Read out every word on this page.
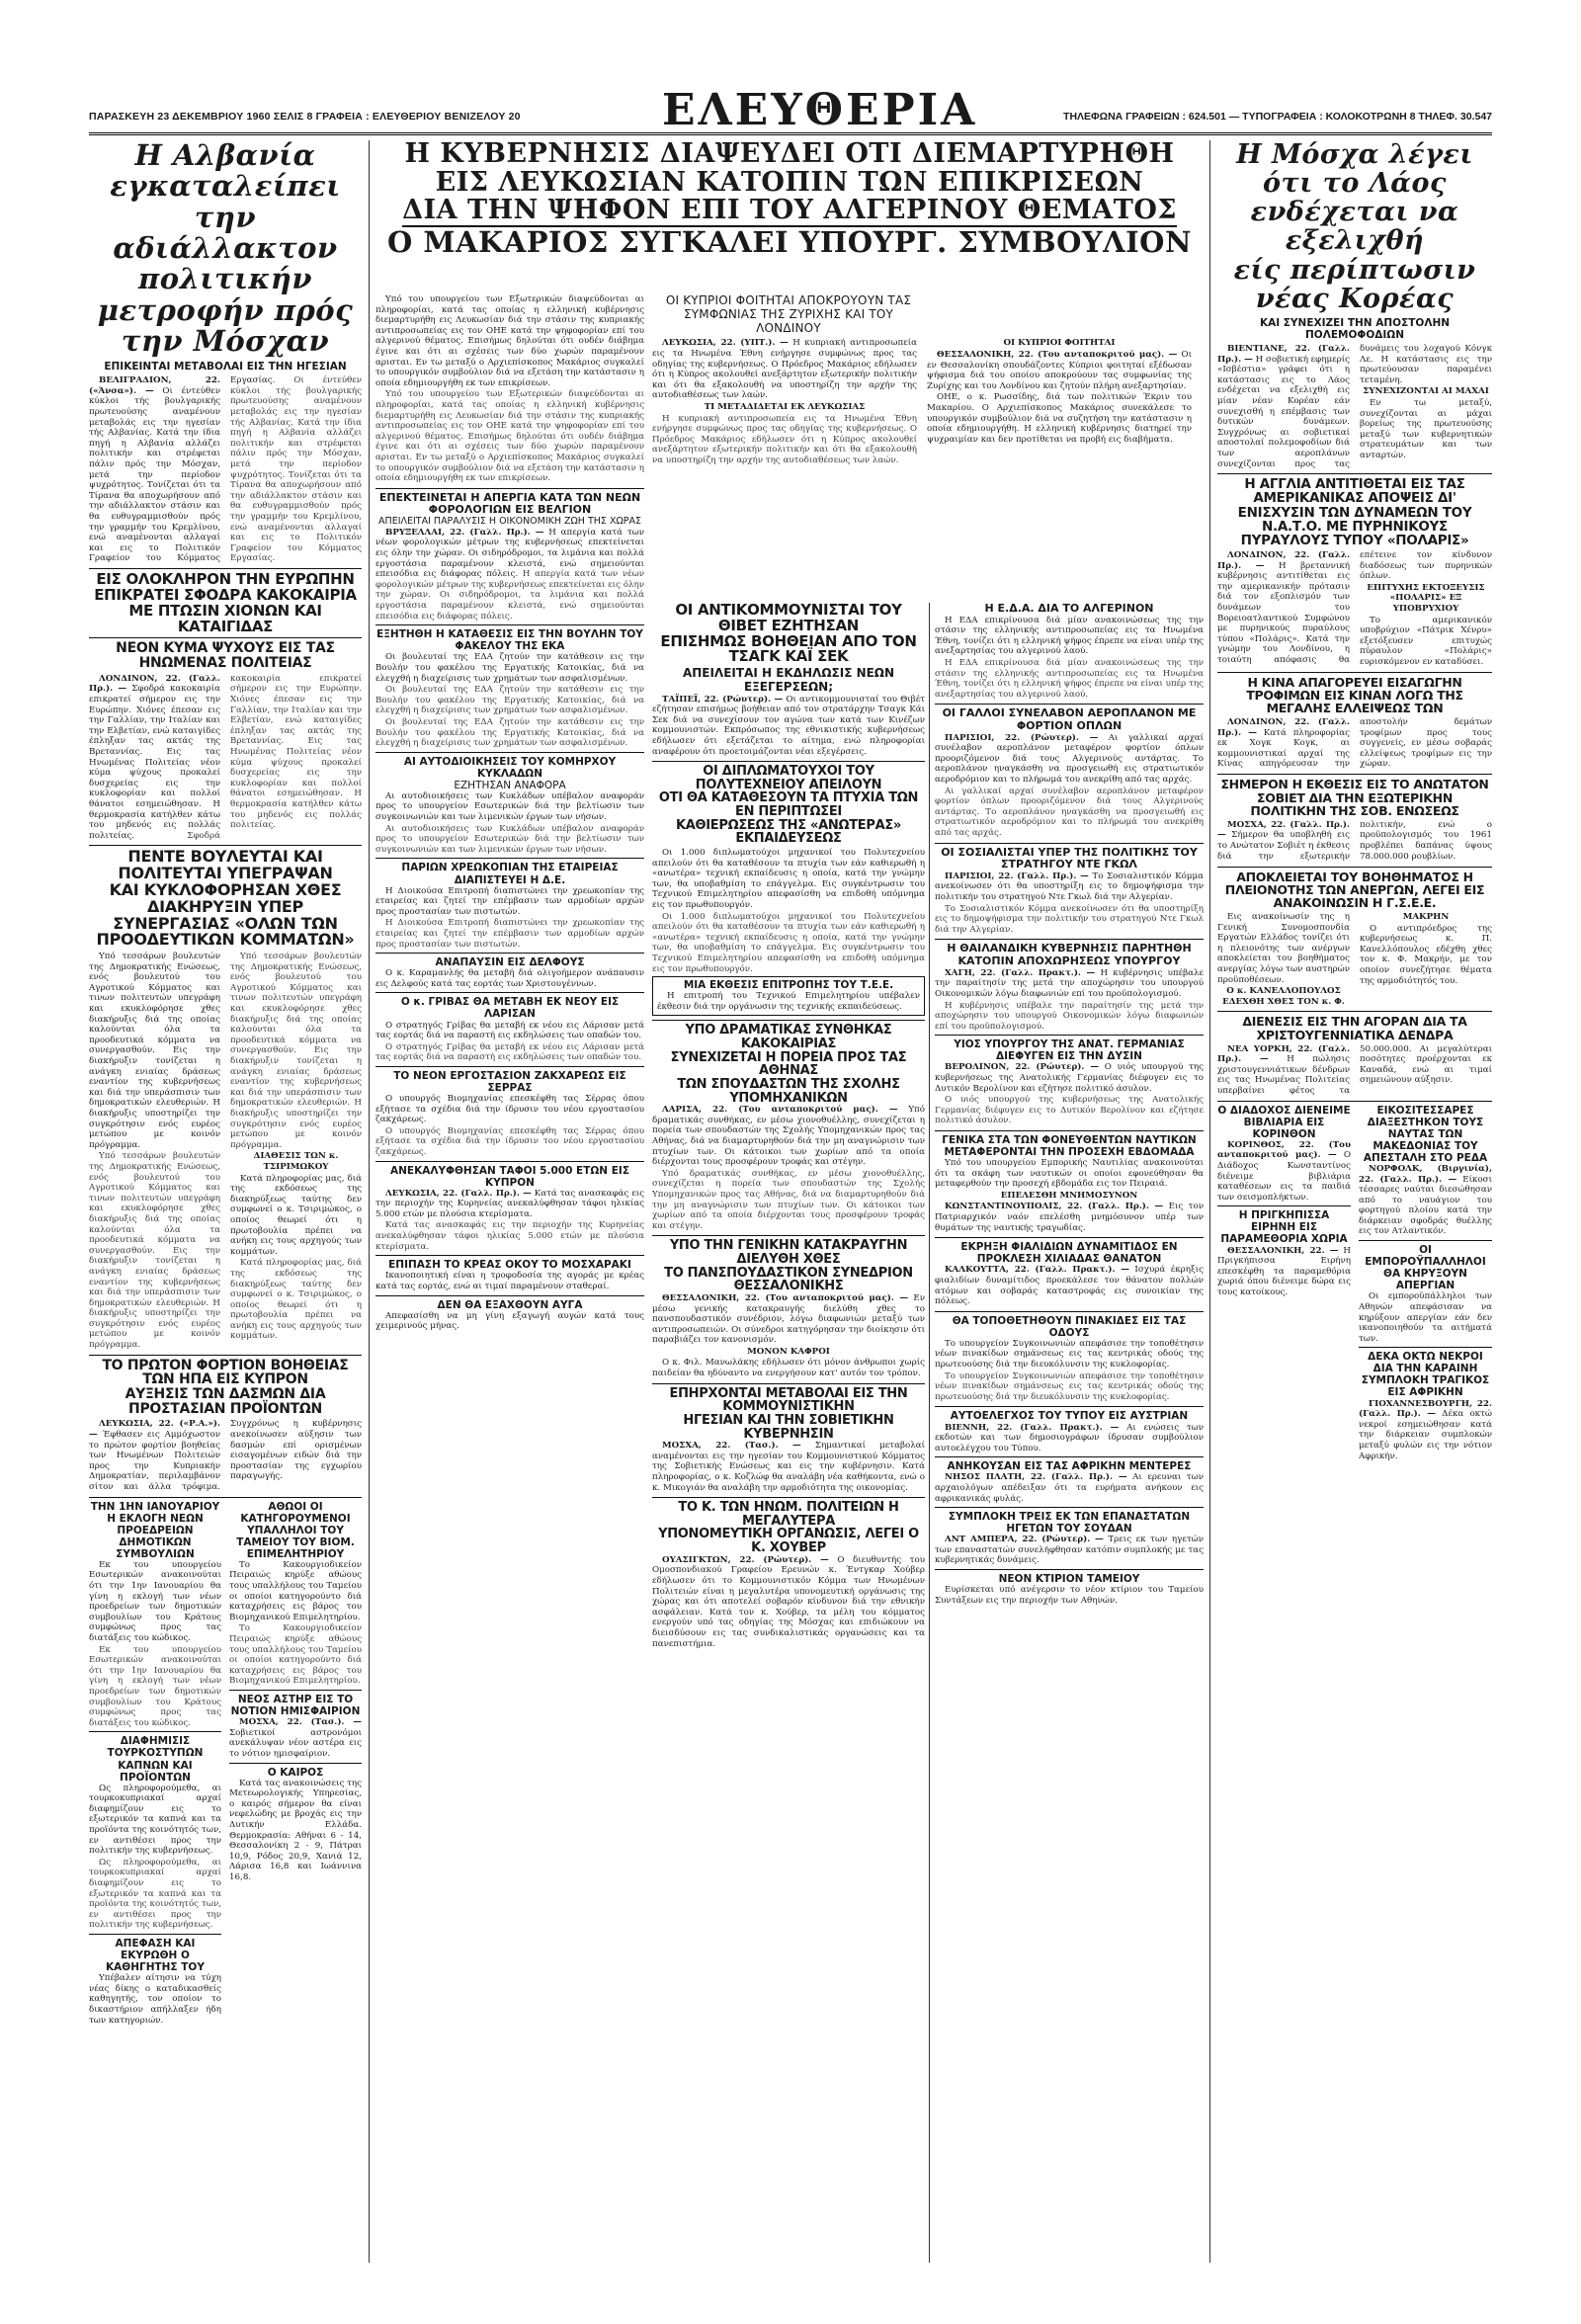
ΠΑΡΑΣΚΕΥΗ 23 ΔΕΚΕΜΒΡΙΟΥ 1960 ΣΕΛΙΣ 8 ΓΡΑΦΕΙΑ : ΕΛΕΥΘΕΡΙΟΥ ΒΕΝΙΖΕΛΟΥ 20	ΕΛΕΥΘΕΡΙΑ	ΤΗΛΕΦΩΝΑ ΓΡΑΦΕΙΩΝ : 624.501 — ΤΥΠΟΓΡΑΦΕΙΑ : ΚΟΛΟΚΟΤΡΩΝΗ 8 ΤΗΛΕΦ. 30.547
Η Αλβανία εγκαταλείπει
την αδιάλλακτον πολιτικήν
μετροφήν πρός την Μόσχαν
ΕΠΙΚΕΙΝΤΑΙ ΜΕΤΑΒΟΛΑΙ ΕΙΣ ΤΗΝ ΗΓΕΣΙΑΝ

ΒΕΛΙΓΡΑΔΙΟΝ, 22. («Άνσα»). — Οι έντεύθεν κύκλοι τής βουλγαρικής πρωτευούσης αναμένουν μεταβολάς εις την ηγεσίαν τής Αλβανίας. Κατά την ίδια πηγή η Αλβανία αλλάζει πολιτικήν και στρέφεται πάλιν πρός την Μόσχαν, μετά την περίοδον ψυχρότητος. Τονίζεται ότι τα Τίρανα θα αποχωρήσουν από την αδιάλλακτον στάσιν και θα ευθυγραμμισθούν πρός την γραμμήν του Κρεμλίνου, ενώ αναμένονται αλλαγαί και εις το Πολιτικόν Γραφείον του Κόμματος Εργασίας. Οι έντεύθεν κύκλοι τής βουλγαρικής πρωτευούσης αναμένουν μεταβολάς εις την ηγεσίαν τής Αλβανίας. Κατά την ίδια πηγή η Αλβανία αλλάζει πολιτικήν και στρέφεται πάλιν πρός την Μόσχαν, μετά την περίοδον ψυχρότητος. Τονίζεται ότι τα Τίρανα θα αποχωρήσουν από την αδιάλλακτον στάσιν και θα ευθυγραμμισθούν πρός την γραμμήν του Κρεμλίνου, ενώ αναμένονται αλλαγαί και εις το Πολιτικόν Γραφείον του Κόμματος Εργασίας.

ΕΙΣ ΟΛΟΚΛΗΡΟΝ ΤΗΝ ΕΥΡΩΠΗΝ ΕΠΙΚΡΑΤΕΙ ΣΦΟΔΡΑ ΚΑΚΟΚΑΙΡΙΑ ΜΕ ΠΤΩΣΙΝ ΧΙΟΝΩΝ ΚΑΙ ΚΑΤΑΙΓΙΔΑΣ
ΝΕΟΝ ΚΥΜΑ ΨΥΧΟΥΣ ΕΙΣ ΤΑΣ ΗΝΩΜΕΝΑΣ ΠΟΛΙΤΕΙΑΣ

ΛΟΝΔΙΝΟΝ, 22. (Γαλλ. Πρ.). — Σφοδρά κακοκαιρία επικρατεί σήμερον εις την Ευρώπην. Χιόνες έπεσαν εις την Γαλλίαν, την Ιταλίαν και την Ελβετίαν, ενώ καταιγίδες έπληξαν τας ακτάς της Βρεταννίας. Εις τας Ηνωμένας Πολιτείας νέον κύμα ψύχους προκαλεί δυσχερείας εις την κυκλοφορίαν και πολλοί θάνατοι εσημειώθησαν. Η θερμοκρασία κατήλθεν κάτω του μηδενός εις πολλάς πολιτείας.	Σφοδρά κακοκαιρία επικρατεί σήμερον εις την Ευρώπην. Χιόνες έπεσαν εις την Γαλλίαν, την Ιταλίαν και την Ελβετίαν, ενώ καταιγίδες έπληξαν τας ακτάς της Βρεταννίας. Εις τας Ηνωμένας Πολιτείας νέον κύμα ψύχους προκαλεί δυσχερείας εις την κυκλοφορίαν και πολλοί θάνατοι εσημειώθησαν. Η θερμοκρασία κατήλθεν κάτω του μηδενός εις πολλάς πολιτείας.

ΠΕΝΤΕ ΒΟΥΛΕΥΤΑΙ ΚΑΙ ΠΟΛΙΤΕΥΤΑΙ ΥΠΕΓΡΑΨΑΝ
ΚΑΙ ΚΥΚΛΟΦΟΡΗΣΑΝ ΧΘΕΣ ΔΙΑΚΗΡΥΞΙΝ ΥΠΕΡ
ΣΥΝΕΡΓΑΣΙΑΣ «ΟΛΩΝ ΤΩΝ ΠΡΟΟΔΕΥΤΙΚΩΝ ΚΟΜΜΑΤΩΝ»

Υπό τεσσάρων βουλευτών της Δημοκρατικής Ενώσεως, ενός βουλευτού του Αγροτικού Κόμματος και τινων πολιτευτών υπεγράφη και εκυκλοφόρησε χθες διακήρυξις διά της οποίας καλούνται όλα τα προοδευτικά κόμματα να συνεργασθούν. Εις την διακήρυξιν τονίζεται η ανάγκη ενιαίας δράσεως εναντίον της κυβερνήσεως και διά την υπεράσπισιν των δημοκρατικών ελευθεριών. Η διακήρυξις υποστηρίζει την συγκρότησιν ενός ευρέος μετώπου με κοινόν πρόγραμμα.

Υπό τεσσάρων βουλευτών της Δημοκρατικής Ενώσεως, ενός βουλευτού του Αγροτικού Κόμματος και τινων πολιτευτών υπεγράφη και εκυκλοφόρησε χθες διακήρυξις διά της οποίας καλούνται όλα τα προοδευτικά κόμματα να συνεργασθούν. Εις την διακήρυξιν τονίζεται η ανάγκη ενιαίας δράσεως εναντίον της κυβερνήσεως και διά την υπεράσπισιν των δημοκρατικών ελευθεριών. Η διακήρυξις υποστηρίζει την συγκρότησιν ενός ευρέος μετώπου με κοινόν πρόγραμμα.

Υπό τεσσάρων βουλευτών της Δημοκρατικής Ενώσεως, ενός βουλευτού του Αγροτικού Κόμματος και τινων πολιτευτών υπεγράφη και εκυκλοφόρησε χθες διακήρυξις διά της οποίας καλούνται όλα τα προοδευτικά κόμματα να συνεργασθούν. Εις την διακήρυξιν τονίζεται η ανάγκη ενιαίας δράσεως εναντίον της κυβερνήσεως και διά την υπεράσπισιν των δημοκρατικών ελευθεριών. Η διακήρυξις υποστηρίζει την συγκρότησιν ενός ευρέος μετώπου με κοινόν πρόγραμμα.

ΔΙΑΘΕΣΙΣ ΤΩΝ κ. ΤΣΙΡΙΜΩΚΟΥ

Κατά πληροφορίας μας, διά της εκδόσεως της διακηρύξεως ταύτης δεν συμφωνεί ο κ. Τσιριμώκος, ο οποίος θεωρεί ότι η πρωτοβουλία πρέπει να ανήκη εις τους αρχηγούς των κομμάτων.

Κατά πληροφορίας μας, διά της εκδόσεως της διακηρύξεως ταύτης δεν συμφωνεί ο κ. Τσιριμώκος, ο οποίος θεωρεί ότι η πρωτοβουλία πρέπει να ανήκη εις τους αρχηγούς των κομμάτων.

ΤΟ ΠΡΩΤΟΝ ΦΟΡΤΙΟΝ ΒΟΗΘΕΙΑΣ ΤΩΝ ΗΠΑ ΕΙΣ ΚΥΠΡΟΝ
ΑΥΞΗΣΙΣ ΤΩΝ ΔΑΣΜΩΝ ΔΙΑ ΠΡΟΣΤΑΣΙΑΝ ΠΡΟΪΟΝΤΩΝ

ΛΕΥΚΩΣΙΑ, 22. («Ρ.Α.»). — Έφθασεν εις Αμμόχωστον το πρώτον φορτίον βοηθείας των Ηνωμένων Πολιτειών προς την Κυπριακήν Δημοκρατίαν, περιλαμβάνον σίτον και άλλα τρόφιμα. Συγχρόνως η κυβέρνησις ανεκοίνωσεν αύξησιν των δασμών επί ορισμένων εισαγομένων ειδών διά την προστασίαν της εγχωρίου παραγωγής.

ΤΗΝ 1ΗΝ ΙΑΝΟΥΑΡΙΟΥ Η ΕΚΛΟΓΗ ΝΕΩΝ ΠΡΟΕΔΡΕΙΩΝ ΔΗΜΟΤΙΚΩΝ ΣΥΜΒΟΥΛΙΩΝ

Εκ του υπουργείου Εσωτερικών ανακοινούται ότι την 1ην Ιανουαρίου θα γίνη η εκλογή των νέων προεδρείων των δημοτικών συμβουλίων του Κράτους συμφώνως προς τας διατάξεις του κώδικος.

Εκ του υπουργείου Εσωτερικών ανακοινούται ότι την 1ην Ιανουαρίου θα γίνη η εκλογή των νέων προεδρείων των δημοτικών συμβουλίων του Κράτους συμφώνως προς τας διατάξεις του κώδικος.

ΔΙΑΦΗΜΙΣΙΣ ΤΟΥΡΚΟΣΤΥΠΩΝ ΚΑΠΝΩΝ ΚΑΙ ΠΡΟΪΟΝΤΩΝ

Ως πληροφορούμεθα, αι τουρκοκυπριακαί αρχαί διαφημίζουν εις το εξωτερικόν τα καπνά και τα προϊόντα της κοινότητός των, εν αντιθέσει προς την πολιτικήν της κυβερνήσεως.

Ως πληροφορούμεθα, αι τουρκοκυπριακαί αρχαί διαφημίζουν εις το εξωτερικόν τα καπνά και τα προϊόντα της κοινότητός των, εν αντιθέσει προς την πολιτικήν της κυβερνήσεως.

ΑΠΕΦΑΣΗ ΚΑΙ ΕΚΥΡΩΘΗ Ο ΚΑΘΗΓΗΤΗΣ ΤΟΥ

Υπέβαλεν αίτησιν να τύχη νέας δίκης ο καταδικασθείς καθηγητής, τον οποίον το δικαστήριον απήλλαξεν ήδη των κατηγοριών.

ΑΘΩΟΙ ΟΙ ΚΑΤΗΓΟΡΟΥΜΕΝΟΙ ΥΠΑΛΛΗΛΟΙ ΤΟΥ ΤΑΜΕΙΟΥ ΤΟΥ ΒΙΟΜ. ΕΠΙΜΕΛΗΤΗΡΙΟΥ

Το Κακουργιοδικείον Πειραιώς κηρύξε αθώους τους υπαλλήλους του Ταμείου οι οποίοι κατηγορούντο διά καταχρήσεις εις βάρος του Βιομηχανικού Επιμελητηρίου.

Το Κακουργιοδικείον Πειραιώς κηρύξε αθώους τους υπαλλήλους του Ταμείου οι οποίοι κατηγορούντο διά καταχρήσεις εις βάρος του Βιομηχανικού Επιμελητηρίου.

ΝΕΟΣ ΑΣΤΗΡ ΕΙΣ ΤΟ ΝΟΤΙΟΝ ΗΜΙΣΦΑΙΡΙΟΝ

ΜΟΣΧΑ, 22. (Τασ.). — Σοβιετικοί αστρονόμοι ανεκάλυψαν νέον αστέρα εις το νότιον ημισφαίριον.

Ο ΚΑΙΡΟΣ

Κατά τας ανακοινώσεις της Μετεωρολογικής Υπηρεσίας, ο καιρός σήμερον θα είναι νεφελώδης με βροχάς εις την Δυτικήν Ελλάδα. Θερμοκρασία: Αθήναι 6 - 14, Θεσσαλονίκη 2 - 9, Πάτραι 10,9, Ρόδος 20,9, Χανιά 12, Λάρισα 16,8 και Ιωάννινα 16,8.

Η ΚΥΒΕΡΝΗΣΙΣ ΔΙΑΨΕΥΔΕΙ ΟΤΙ ΔΙΕΜΑΡΤΥΡΗΘΗ
ΕΙΣ ΛΕΥΚΩΣΙΑΝ ΚΑΤΟΠΙΝ ΤΩΝ ΕΠΙΚΡΙΣΕΩΝ
ΔΙΑ ΤΗΝ ΨΗΦΟΝ ΕΠΙ ΤΟΥ ΑΛΓΕΡΙΝΟΥ ΘΕΜΑΤΟΣ
Ο ΜΑΚΑΡΙΟΣ ΣΥΓΚΑΛΕΙ ΥΠΟΥΡΓ. ΣΥΜΒΟΥΛΙΟΝ

Υπό του υπουργείου των Εξωτερικών διαψεύδονται αι πληροφορίαι, κατά τας οποίας η ελληνική κυβέρνησις διεμαρτυρήθη εις Λευκωσίαν διά την στάσιν της κυπριακής αντιπροσωπείας εις τον ΟΗΕ κατά την ψηφοφορίαν επί του αλγερινού θέματος. Επισήμως δηλούται ότι ουδέν διάβημα έγινε και ότι αι σχέσεις των δύο χωρών παραμένουν αρισται. Εν τω μεταξύ ο Αρχιεπίσκοπος Μακάριος συγκαλεί το υπουργικόν συμβούλιον διά να εξετάση την κατάστασιν η οποία εδημιουργήθη εκ των επικρίσεων.

Υπό του υπουργείου των Εξωτερικών διαψεύδονται αι πληροφορίαι, κατά τας οποίας η ελληνική κυβέρνησις διεμαρτυρήθη εις Λευκωσίαν διά την στάσιν της κυπριακής αντιπροσωπείας εις τον ΟΗΕ κατά την ψηφοφορίαν επί του αλγερινού θέματος. Επισήμως δηλούται ότι ουδέν διάβημα έγινε και ότι αι σχέσεις των δύο χωρών παραμένουν αρισται. Εν τω μεταξύ ο Αρχιεπίσκοπος Μακάριος συγκαλεί το υπουργικόν συμβούλιον διά να εξετάση την κατάστασιν η οποία εδημιουργήθη εκ των επικρίσεων.

ΕΠΕΚΤΕΙΝΕΤΑΙ Η ΑΠΕΡΓΙΑ ΚΑΤΑ ΤΩΝ ΝΕΩΝ ΦΟΡΟΛΟΓΙΩΝ ΕΙΣ ΒΕΛΓΙΟΝ
ΑΠΕΙΛΕΙΤΑΙ ΠΑΡΑΛΥΣΙΣ Η ΟΙΚΟΝΟΜΙΚΗ ΖΩΗ ΤΗΣ ΧΩΡΑΣ

ΒΡΥΞΕΛΛΑΙ, 22. (Γαλλ. Πρ.). — Η απεργία κατά των νέων φορολογικών μέτρων της κυβερνήσεως επεκτείνεται εις όλην την χώραν. Οι σιδηρόδρομοι, τα λιμάνια και πολλά εργοστάσια παραμένουν κλειστά, ενώ σημειούνται επεισόδια εις διάφορας πόλεις. Η απεργία κατά των νέων φορολογικών μέτρων της κυβερνήσεως επεκτείνεται εις όλην την χώραν. Οι σιδηρόδρομοι, τα λιμάνια και πολλά εργοστάσια παραμένουν κλειστά, ενώ σημειούνται επεισόδια εις διάφορας πόλεις.

ΕΞΗΤΗΘΗ Η ΚΑΤΑΘΕΣΙΣ ΕΙΣ ΤΗΝ ΒΟΥΛΗΝ ΤΟΥ ΦΑΚΕΛΟΥ ΤΗΣ ΕΚΑ

Οι βουλευταί της ΕΔΑ ζητούν την κατάθεσιν εις την Βουλήν του φακέλου της Εργατικής Κατοικίας, διά να ελεγχθή η διαχείρισις των χρημάτων των ασφαλισμένων.

Οι βουλευταί της ΕΔΑ ζητούν την κατάθεσιν εις την Βουλήν του φακέλου της Εργατικής Κατοικίας, διά να ελεγχθή η διαχείρισις των χρημάτων των ασφαλισμένων.

Οι βουλευταί της ΕΔΑ ζητούν την κατάθεσιν εις την Βουλήν του φακέλου της Εργατικής Κατοικίας, διά να ελεγχθή η διαχείρισις των χρημάτων των ασφαλισμένων.

ΑΙ ΑΥΤΟΔΙΟΙΚΗΣΕΙΣ ΤΟΥ ΚΟΜΗΡΧΟΥ ΚΥΚΛΑΔΩΝ
ΕΖΗΤΗΣΑΝ ΑΝΑΦΟΡΑ

Αι αυτοδιοικήσεις των Κυκλάδων υπέβαλον αναφοράν προς το υπουργείον Εσωτερικών διά την βελτίωσιν των συγκοινωνιών και των λιμενικών έργων των νήσων.

Αι αυτοδιοικήσεις των Κυκλάδων υπέβαλον αναφοράν προς το υπουργείον Εσωτερικών διά την βελτίωσιν των συγκοινωνιών και των λιμενικών έργων των νήσων.

ΠΑΡΙΩΝ ΧΡΕΩΚΟΠΙΑΝ ΤΗΣ ΕΤΑΙΡΕΙΑΣ ΔΙΑΠΙΣΤΕΥΕΙ Η Δ.Ε.

Η Διοικούσα Επιτροπή διαπιστώνει την χρεωκοπίαν της εταιρείας και ζητεί την επέμβασιν των αρμοδίων αρχών προς προστασίαν των πιστωτών.

Η Διοικούσα Επιτροπή διαπιστώνει την χρεωκοπίαν της εταιρείας και ζητεί την επέμβασιν των αρμοδίων αρχών προς προστασίαν των πιστωτών.

ΑΝΑΠΑΥΣΙΝ ΕΙΣ ΔΕΛΦΟΥΣ

Ο κ. Καραμανλής θα μεταβή διά ολιγοήμερον ανάπαυσιν εις Δελφούς κατά τας εορτάς των Χριστουγέννων.

Ο κ. ΓΡΙΒΑΣ ΘΑ ΜΕΤΑΒΗ ΕΚ ΝΕΟΥ ΕΙΣ ΛΑΡΙΣΑΝ

Ο στρατηγός Γρίβας θα μεταβή εκ νέου εις Λάρισαν μετά τας εορτάς διά να παραστή εις εκδηλώσεις των οπαδών του.

Ο στρατηγός Γρίβας θα μεταβή εκ νέου εις Λάρισαν μετά τας εορτάς διά να παραστή εις εκδηλώσεις των οπαδών του.

ΤΟ ΝΕΟΝ ΕΡΓΟΣΤΑΣΙΟΝ ΖΑΚΧΑΡΕΩΣ ΕΙΣ ΣΕΡΡΑΣ

Ο υπουργός Βιομηχανίας επεσκέφθη τας Σέρρας όπου εξήτασε τα σχέδια διά την ίδρυσιν του νέου εργοστασίου ζακχάρεως.

Ο υπουργός Βιομηχανίας επεσκέφθη τας Σέρρας όπου εξήτασε τα σχέδια διά την ίδρυσιν του νέου εργοστασίου ζακχάρεως.

ΑΝΕΚΑΛΥΦΘΗΣΑΝ ΤΑΦΟΙ 5.000 ΕΤΩΝ ΕΙΣ ΚΥΠΡΟΝ

ΛΕΥΚΩΣΙΑ, 22. (Γαλλ. Πρ.). — Κατά τας ανασκαφάς εις την περιοχήν της Κυρηνείας ανεκαλύφθησαν τάφοι ηλικίας 5.000 ετών με πλούσια κτερίσματα.

Κατά τας ανασκαφάς εις την περιοχήν της Κυρηνείας ανεκαλύφθησαν τάφοι ηλικίας 5.000 ετών με πλούσια κτερίσματα.

ΕΠΙΠΑΣΗ ΤΟ ΚΡΕΑΣ ΟΚΟΥ ΤΟ ΜΟΣΧΑΡΑΚΙ

Ικανοποιητική είναι η τροφοδοσία της αγοράς με κρέας κατά τας εορτάς, ενώ αι τιμαί παραμένουν σταθεραί.

ΔΕΝ ΘΑ ΕΞΑΧΘΟΥΝ ΑΥΓΑ

Απεφασίσθη να μη γίνη εξαγωγή αυγών κατά τους χειμερινούς μήνας.

ΟΙ ΚΥΠΡΙΟΙ ΦΟΙΤΗΤΑΙ ΑΠΟΚΡΟΥΟΥΝ ΤΑΣ ΣΥΜΦΩΝΙΑΣ ΤΗΣ ΖΥΡΙΧΗΣ ΚΑΙ ΤΟΥ ΛΟΝΔΙΝΟΥ

ΛΕΥΚΩΣΙΑ, 22. (ΥΠΤ.). — Η κυπριακή αντιπροσωπεία εις τα Ηνωμένα Έθνη ενήργησε συμφώνως προς τας οδηγίας της κυβερνήσεως. Ο Πρόεδρος Μακάριος εδήλωσεν ότι η Κύπρος ακολουθεί ανεξάρτητον εξωτερικήν πολιτικήν και ότι θα εξακολουθή να υποστηρίζη την αρχήν της αυτοδιαθέσεως των λαών.

ΤΙ ΜΕΤΑΔΙΔΕΤΑΙ ΕΚ ΛΕΥΚΩΣΙΑΣ

Η κυπριακή αντιπροσωπεία εις τα Ηνωμένα Έθνη ενήργησε συμφώνως προς τας οδηγίας της κυβερνήσεως. Ο Πρόεδρος Μακάριος εδήλωσεν ότι η Κύπρος ακολουθεί ανεξάρτητον εξωτερικήν πολιτικήν και ότι θα εξακολουθή να υποστηρίζη την αρχήν της αυτοδιαθέσεως των λαών.

ΟΙ ΚΥΠΡΙΟΙ ΦΟΙΤΗΤΑΙ

ΘΕΣΣΑΛΟΝΙΚΗ, 22. (Του ανταποκριτού μας). — Οι εν Θεσσαλονίκη σπουδάζοντες Κύπριοι φοιτηταί εξέδωσαν ψήφισμα διά του οποίου αποκρούουν τας συμφωνίας της Ζυρίχης και του Λονδίνου και ζητούν πλήρη ανεξαρτησίαν.

ΟΗΕ, ο κ. Ρωσσίδης, διά των πολιτικών Έκριν του Μακαρίου. Ο Αρχιεπίσκοπος Μακάριος συνεκάλεσε το υπουργικόν συμβούλιον διά να συζητήση την κατάστασιν η οποία εδημιουργήθη. Η ελληνική κυβέρνησις διατηρεί την ψυχραιμίαν και δεν προτίθεται να προβή εις διαβήματα.

ΟΙ ΑΝΤΙΚΟΜΜΟΥΝΙΣΤΑΙ ΤΟΥ ΘΙΒΕΤ ΕΖΗΤΗΣΑΝ
ΕΠΙΣΗΜΩΣ ΒΟΗΘΕΙΑΝ ΑΠΟ ΤΟΝ ΤΣΑΓΚ ΚΑΪ ΣΕΚ
ΑΠΕΙΛΕΙΤΑΙ Η ΕΚΔΗΛΩΣΙΣ ΝΕΩΝ ΕΞΕΓΕΡΣΕΩΝ;

ΤΑΪΠΕΪ, 22. (Ρώυτερ). — Οι αντικομμουνισταί του Θιβέτ εζήτησαν επισήμως βοήθειαν από τον στρατάρχην Τσαγκ Κάι Σεκ διά να συνεχίσουν τον αγώνα των κατά των Κινέζων κομμουνιστών. Εκπρόσωπος της εθνικιστικής κυβερνήσεως εδήλωσεν ότι εξετάζεται το αίτημα, ενώ πληροφορίαι αναφέρουν ότι προετοιμάζονται νέαι εξεγέρσεις.

ΟΙ ΔΙΠΛΩΜΑΤΟΥΧΟΙ ΤΟΥ ΠΟΛΥΤΕΧΝΕΙΟΥ ΑΠΕΙΛΟΥΝ
ΟΤΙ ΘΑ ΚΑΤΑΘΕΣΟΥΝ ΤΑ ΠΤΥΧΙΑ ΤΩΝ ΕΝ ΠΕΡΙΠΤΩΣΕΙ
ΚΑΘΙΕΡΩΣΕΩΣ ΤΗΣ «ΑΝΩΤΕΡΑΣ» ΕΚΠΑΙΔΕΥΣΕΩΣ

Οι 1.000 διπλωματούχοι μηχανικοί του Πολυτεχνείου απειλούν ότι θα καταθέσουν τα πτυχία των εάν καθιερωθή η «ανωτέρα» τεχνική εκπαίδευσις η οποία, κατά την γνώμην των, θα υποβαθμίση το επάγγελμα. Εις συγκέντρωσιν του Τεχνικού Επιμελητηρίου απεφασίσθη να επιδοθή υπόμνημα εις τον πρωθυπουργόν.

Οι 1.000 διπλωματούχοι μηχανικοί του Πολυτεχνείου απειλούν ότι θα καταθέσουν τα πτυχία των εάν καθιερωθή η «ανωτέρα» τεχνική εκπαίδευσις η οποία, κατά την γνώμην των, θα υποβαθμίση το επάγγελμα. Εις συγκέντρωσιν του Τεχνικού Επιμελητηρίου απεφασίσθη να επιδοθή υπόμνημα εις τον πρωθυπουργόν.

ΜΙΑ ΕΚΘΕΣΙΣ ΕΠΙΤΡΟΠΗΣ ΤΟΥ Τ.Ε.Ε.

Η επιτροπή του Τεχνικού Επιμελητηρίου υπέβαλεν έκθεσιν διά την οργάνωσιν της τεχνικής εκπαιδεύσεως.

ΥΠΟ ΔΡΑΜΑΤΙΚΑΣ ΣΥΝΘΗΚΑΣ ΚΑΚΟΚΑΙΡΙΑΣ
ΣΥΝΕΧΙΖΕΤΑΙ Η ΠΟΡΕΙΑ ΠΡΟΣ ΤΑΣ ΑΘΗΝΑΣ
ΤΩΝ ΣΠΟΥΔΑΣΤΩΝ ΤΗΣ ΣΧΟΛΗΣ ΥΠΟΜΗΧΑΝΙΚΩΝ

ΛΑΡΙΣΑ, 22. (Του ανταποκριτού μας). — Υπό δραματικάς συνθήκας, εν μέσω χιονοθυέλλης, συνεχίζεται η πορεία των σπουδαστών της Σχολής Υπομηχανικών προς τας Αθήνας, διά να διαμαρτυρηθούν διά την μη αναγνώρισιν των πτυχίων των. Οι κάτοικοι των χωρίων από τα οποία διέρχονται τους προσφέρουν τροφάς και στέγην.

Υπό δραματικάς συνθήκας, εν μέσω χιονοθυέλλης, συνεχίζεται η πορεία των σπουδαστών της Σχολής Υπομηχανικών προς τας Αθήνας, διά να διαμαρτυρηθούν διά την μη αναγνώρισιν των πτυχίων των. Οι κάτοικοι των χωρίων από τα οποία διέρχονται τους προσφέρουν τροφάς και στέγην.

ΥΠΟ ΤΗΝ ΓΕΝΙΚΗΝ ΚΑΤΑΚΡΑΥΓΗΝ ΔΙΕΛΥΘΗ ΧΘΕΣ
ΤΟ ΠΑΝΣΠΟΥΔΑΣΤΙΚΟΝ ΣΥΝΕΔΡΙΟΝ ΘΕΣΣΑΛΟΝΙΚΗΣ

ΘΕΣΣΑΛΟΝΙΚΗ, 22. (Του ανταποκριτού μας). — Εν μέσω γενικής κατακραυγής διελύθη χθες το πανσπουδαστικόν συνέδριον, λόγω διαφωνιών μεταξύ των αντιπροσωπειών. Οι σύνεδροι κατηγόρησαν την διοίκησιν ότι παραβιάζει τον κανονισμόν.

ΜΟΝΟΝ ΚΑΦΡΟΙ

Ο κ. Φιλ. Μανωλάκης εδήλωσεν ότι μόνον άνθρωποι χωρίς παιδείαν θα ηδύναντο να ενεργήσουν κατ' αυτόν τον τρόπον.

ΕΠΗΡΧΟΝΤΑΙ ΜΕΤΑΒΟΛΑΙ ΕΙΣ ΤΗΝ ΚΟΜΜΟΥΝΙΣΤΙΚΗΝ
ΗΓΕΣΙΑΝ ΚΑΙ ΤΗΝ ΣΟΒΙΕΤΙΚΗΝ ΚΥΒΕΡΝΗΣΙΝ

ΜΟΣΧΑ, 22. (Τασ.). — Σημαντικαί μεταβολαί αναμένονται εις την ηγεσίαν του Κομμουνιστικού Κόμματος της Σοβιετικής Ενώσεως και εις την κυβέρνησιν. Κατά πληροφορίας, ο κ. Κοζλώφ θα αναλάβη νέα καθήκοντα, ενώ ο κ. Μικογιάν θα αναλάβη την αρμοδιότητα της οικονομίας.

ΤΟ Κ. ΤΩΝ ΗΝΩΜ. ΠΟΛΙΤΕΙΩΝ Η ΜΕΓΑΛΥΤΕΡΑ
ΥΠΟΝΟΜΕΥΤΙΚΗ ΟΡΓΑΝΩΣΙΣ, ΛΕΓΕΙ Ο Κ. ΧΟΥΒΕΡ

ΟΥΑΣΙΓΚΤΩΝ, 22. (Ρώυτερ). — Ο διευθυντής του Ομοσπονδιακού Γραφείου Ερευνών κ. Έντγκαρ Χούβερ εδήλωσεν ότι το Κομμουνιστικόν Κόμμα των Ηνωμένων Πολιτειών είναι η μεγαλυτέρα υπονομευτική οργάνωσις της χώρας και ότι αποτελεί σοβαρόν κίνδυνον διά την εθνικήν ασφάλειαν. Κατά τον κ. Χούβερ, τα μέλη του κόμματος ενεργούν υπό τας οδηγίας της Μόσχας και επιδιώκουν να διεισδύσουν εις τας συνδικαλιστικάς οργανώσεις και τα πανεπιστήμια.

Η Ε.Δ.Α. ΔΙΑ ΤΟ ΑΛΓΕΡΙΝΟΝ

Η ΕΔΑ επικρίνουσα διά μίαν ανακοινώσεως της την στάσιν της ελληνικής αντιπροσωπείας εις τα Ηνωμένα Έθνη, τονίζει ότι η ελληνική ψήφος έπρεπε να είναι υπέρ της ανεξαρτησίας του αλγερινού λαού.

Η ΕΔΑ επικρίνουσα διά μίαν ανακοινώσεως της την στάσιν της ελληνικής αντιπροσωπείας εις τα Ηνωμένα Έθνη, τονίζει ότι η ελληνική ψήφος έπρεπε να είναι υπέρ της ανεξαρτησίας του αλγερινού λαού.

ΟΙ ΓΑΛΛΟΙ ΣΥΝΕΛΑΒΟΝ ΑΕΡΟΠΛΑΝΟΝ ΜΕ ΦΟΡΤΙΟΝ ΟΠΛΩΝ

ΠΑΡΙΣΙΟΙ, 22. (Ρώυτερ). — Αι γαλλικαί αρχαί συνέλαβον αεροπλάνον μεταφέρον φορτίον όπλων προοριζόμενον διά τους Αλγερινούς αντάρτας. Το αεροπλάνον ηναγκάσθη να προσγειωθή εις στρατιωτικόν αεροδρόμιον και το πλήρωμά του ανεκρίθη από τας αρχάς.

Αι γαλλικαί αρχαί συνέλαβον αεροπλάνον μεταφέρον φορτίον όπλων προοριζόμενον διά τους Αλγερινούς αντάρτας. Το αεροπλάνον ηναγκάσθη να προσγειωθή εις στρατιωτικόν αεροδρόμιον και το πλήρωμά του ανεκρίθη από τας αρχάς.

ΟΙ ΣΟΣΙΑΛΙΣΤΑΙ ΥΠΕΡ ΤΗΣ ΠΟΛΙΤΙΚΗΣ ΤΟΥ ΣΤΡΑΤΗΓΟΥ ΝΤΕ ΓΚΩΛ

ΠΑΡΙΣΙΟΙ, 22. (Γαλλ. Πρ.). — Το Σοσιαλιστικόν Κόμμα ανεκοίνωσεν ότι θα υποστηρίξη εις το δημοψήφισμα την πολιτικήν του στρατηγού Ντε Γκωλ διά την Αλγερίαν.

Το Σοσιαλιστικόν Κόμμα ανεκοίνωσεν ότι θα υποστηρίξη εις το δημοψήφισμα την πολιτικήν του στρατηγού Ντε Γκωλ διά την Αλγερίαν.

Η ΘΑΙΛΑΝΔΙΚΗ ΚΥΒΕΡΝΗΣΙΣ ΠΑΡΗΤΗΘΗ ΚΑΤΟΠΙΝ ΑΠΟΧΩΡΗΣΕΩΣ ΥΠΟΥΡΓΟΥ

ΧΑΓΗ, 22. (Γαλλ. Πρακτ.). — Η κυβέρνησις υπέβαλε την παραίτησίν της μετά την αποχώρησιν του υπουργού Οικονομικών λόγω διαφωνιών επί του προϋπολογισμού.

Η κυβέρνησις υπέβαλε την παραίτησίν της μετά την αποχώρησιν του υπουργού Οικονομικών λόγω διαφωνιών επί του προϋπολογισμού.

ΥΙΟΣ ΥΠΟΥΡΓΟΥ ΤΗΣ ΑΝΑΤ. ΓΕΡΜΑΝΙΑΣ ΔΙΕΦΥΓΕΝ ΕΙΣ ΤΗΝ ΔΥΣΙΝ

ΒΕΡΟΛΙΝΟΝ, 22. (Ρώυτερ). — Ο υιός υπουργού της κυβερνήσεως της Ανατολικής Γερμανίας διέφυγεν εις το Δυτικόν Βερολίνον και εζήτησε πολιτικό άσυλον.

Ο υιός υπουργού της κυβερνήσεως της Ανατολικής Γερμανίας διέφυγεν εις το Δυτικόν Βερολίνον και εζήτησε πολιτικό άσυλον.

ΓΕΝΙΚΑ ΣΤΑ ΤΩΝ ΦΟΝΕΥΘΕΝΤΩΝ ΝΑΥΤΙΚΩΝ ΜΕΤΑΦΕΡΟΝΤΑΙ ΤΗΝ ΠΡΟΣΕΧΗ ΕΒΔΟΜΑΔΑ

Υπό του υπουργείου Εμπορικής Ναυτιλίας ανακοινούται ότι τα σκάφη των ναυτικών οι οποίοι εφονεύθησαν θα μεταφερθούν την προσεχή εβδομάδα εις τον Πειραιά.

ΕΠΕΛΕΣΘΗ ΜΝΗΜΟΣΥΝΟΝ

ΚΩΝΣΤΑΝΤΙΝΟΥΠΟΛΙΣ, 22. (Γαλλ. Πρ.). — Εις τον Πατριαρχικόν ναόν επελέσθη μνημόσυνον υπέρ των θυμάτων της ναυτικής τραγωδίας.

ΕΚΡΗΞΗ ΦΙΑΛΙΔΙΩΝ ΔΥΝΑΜΙΤΙΔΟΣ ΕΝ ΠΡΟΚΛΕΣΗ ΧΙΛΙΑΔΑΣ ΘΑΝΑΤΟΝ

ΚΑΛΚΟΥΤΤΑ, 22. (Γαλλ. Πρακτ.). — Ισχυρά έκρηξις φιαλιδίων δυναμίτιδος προεκάλεσε τον θάνατον πολλών ατόμων και σοβαράς καταστροφάς εις συνοικίαν της πόλεως.

ΘΑ ΤΟΠΟΘΕΤΗΘΟΥΝ ΠΙΝΑΚΙΔΕΣ ΕΙΣ ΤΑΣ ΟΔΟΥΣ

Το υπουργείον Συγκοινωνιών απεφάσισε την τοποθέτησιν νέων πινακίδων σημάνσεως εις τας κεντρικάς οδούς της πρωτευούσης διά την διευκόλυνσιν της κυκλοφορίας.

Το υπουργείον Συγκοινωνιών απεφάσισε την τοποθέτησιν νέων πινακίδων σημάνσεως εις τας κεντρικάς οδούς της πρωτευούσης διά την διευκόλυνσιν της κυκλοφορίας.

ΑΥΤΟΕΛΕΓΧΟΣ ΤΟΥ ΤΥΠΟΥ ΕΙΣ ΑΥΣΤΡΙΑΝ

ΒΙΕΝΝΗ, 22. (Γαλλ. Πρακτ.). — Αι ενώσεις των εκδοτών και των δημοσιογράφων ίδρυσαν συμβούλιον αυτοελέγχου του Τύπου.

ΑΝΗΚΟΥΣΑΝ ΕΙΣ ΤΑΣ ΑΦΡΙΚΗΝ ΜΕΝΤΕΡΕΣ

ΝΗΣΟΣ ΠΛΑΤΗ, 22. (Γαλλ. Πρ.). — Αι ερευναι των αρχαιολόγων απέδειξαν ότι τα ευρήματα ανήκουν εις αφρικανικάς φυλάς.

ΣΥΜΠΛΟΚΗ ΤΡΕΙΣ ΕΚ ΤΩΝ ΕΠΑΝΑΣΤΑΤΩΝ ΗΓΕΤΩΝ ΤΟΥ ΣΟΥΔΑΝ

ΑΝΤ ΑΜΠΕΡΑ, 22. (Ρώυτερ). — Τρεις εκ των ηγετών των επαναστατών συνελήφθησαν κατόπιν συμπλοκής με τας κυβερνητικάς δυνάμεις.

ΝΕΟΝ ΚΤΙΡΙΟΝ ΤΑΜΕΙΟΥ

Ευρίσκεται υπό ανέγερσιν το νέον κτίριον του Ταμείου Συντάξεων εις την περιοχήν των Αθηνών.

Η Μόσχα λέγει ότι το Λάος
ενδέχεται να εξελιχθή
είς περίπτωσιν νέας Κορέας
ΚΑΙ ΣΥΝΕΧΙΖΕΙ ΤΗΝ ΑΠΟΣΤΟΛΗΝ ΠΟΛΕΜΟΦΟΔΙΩΝ

ΒΙΕΝΤΙΑΝΕ, 22. (Γαλλ. Πρ.). — Η σοβιετική εφημερίς «Ισβέστια» γράφει ότι η κατάστασις εις το Λάος ενδέχεται να εξελιχθή εις μίαν νέαν Κορέαν εάν συνεχισθή η επέμβασις των δυτικών δυνάμεων. Συγχρόνως αι σοβιετικαί αποστολαί πολεμοφοδίων διά των αεροπλάνων συνεχίζονται προς τας δυνάμεις του λοχαγού Κόνγκ Λε. Η κατάστασις εις την πρωτεύουσαν παραμένει τεταμένη.

ΣΥΝΕΧΙΖΟΝΤΑΙ ΑΙ ΜΑΧΑΙ

Εν τω μεταξύ, συνεχίζονται αι μάχαι βορείως της πρωτευούσης μεταξύ των κυβερνητικών στρατευμάτων και των ανταρτών.

Η ΑΓΓΛΙΑ ΑΝΤΙΤΙΘΕΤΑΙ ΕΙΣ ΤΑΣ ΑΜΕΡΙΚΑΝΙΚΑΣ ΑΠΟΨΕΙΣ ΔΙ' ΕΝΙΣΧΥΣΙΝ ΤΩΝ ΔΥΝΑΜΕΩΝ ΤΟΥ Ν.Α.Τ.Ο. ΜΕ ΠΥΡΗΝΙΚΟΥΣ ΠΥΡΑΥΛΟΥΣ ΤΥΠΟΥ «ΠΟΛΑΡΙΣ»

ΛΟΝΔΙΝΟΝ, 22. (Γαλλ. Πρ.). — Η βρεταννική κυβέρνησις αντιτίθεται εις την αμερικανικήν πρότασιν διά τον εξοπλισμόν των δυνάμεων του Βορειοατλαντικού Συμφώνου με πυρηνικούς πυραύλους τύπου «Πολάρις». Κατά την γνώμην του Λονδίνου, η τοιαύτη απόφασις θα επέτεινε τον κίνδυνον διαδόσεως των πυρηνικών όπλων.

ΕΠΙΤΥΧΗΣ ΕΚΤΟΞΕΥΣΙΣ «ΠΟΛΑΡΙΣ» ΕΞ ΥΠΟΒΡΥΧΙΟΥ

Το αμερικανικόν υποβρύχιον «Πάτρικ Χένρυ» εξετόξευσεν επιτυχώς πύραυλον «Πολάρις» ευρισκόμενον εν καταδύσει.

Η ΚΙΝΑ ΑΠΑΓΟΡΕΥΕΙ ΕΙΣΑΓΩΓΗΝ ΤΡΟΦΙΜΩΝ ΕΙΣ ΚΙΝΑΝ ΛΟΓΩ ΤΗΣ ΜΕΓΑΛΗΣ ΕΛΛΕΙΨΕΩΣ ΤΩΝ

ΛΟΝΔΙΝΟΝ, 22. (Γαλλ. Πρ.). — Κατά πληροφορίας εκ Χογκ Κογκ, αι κομμουνιστικαί αρχαί της Κίνας απηγόρευσαν την αποστολήν δεμάτων τροφίμων προς τους συγγενείς, εν μέσω σοβαράς ελλείψεως τροφίμων εις την χώραν.

ΣΗΜΕΡΟΝ Η ΕΚΘΕΣΙΣ ΕΙΣ ΤΟ ΑΝΩΤΑΤΟΝ ΣΟΒΙΕΤ ΔΙΑ ΤΗΝ ΕΞΩΤΕΡΙΚΗΝ ΠΟΛΙΤΙΚΗΝ ΤΗΣ ΣΟΒ. ΕΝΩΣΕΩΣ

ΜΟΣΧΑ, 22. (Γαλλ. Πρ.). — Σήμερον θα υποβληθή εις το Ανώτατον Σοβιέτ η έκθεσις διά την εξωτερικήν πολιτικήν, ενώ ο προϋπολογισμός του 1961 προβλέπει δαπάνας ύψους 78.000.000 ρουβλίων.

ΑΠΟΚΛΕΙΕΤΑΙ ΤΟΥ ΒΟΗΘΗΜΑΤΟΣ Η ΠΛΕΙΟΝΟΤΗΣ ΤΩΝ ΑΝΕΡΓΩΝ, ΛΕΓΕΙ ΕΙΣ ΑΝΑΚΟΙΝΩΣΙΝ Η Γ.Σ.Ε.Ε.

Εις ανακοίνωσίν της η Γενική Συνομοσπονδία Εργατών Ελλάδος τονίζει ότι η πλειονότης των ανέργων αποκλείεται του βοηθήματος ανεργίας λόγω των αυστηρών προϋποθέσεων.

Ο κ. ΚΑΝΕΛΛΟΠΟΥΛΟΣ ΕΔΕΧΘΗ ΧΘΕΣ ΤΟΝ κ. Φ. ΜΑΚΡΗΝ

Ο αντιπρόεδρος της κυβερνήσεως κ. Π. Κανελλόπουλος εδέχθη χθες τον κ. Φ. Μακρήν, με τον οποίον συνεζήτησε θέματα της αρμοδιότητός του.

ΔΙΕΝΕΣΙΣ ΕΙΣ ΤΗΝ ΑΓΟΡΑΝ ΔΙΑ ΤΑ ΧΡΙΣΤΟΥΓΕΝΝΙΑΤΙΚΑ ΔΕΝΔΡΑ

ΝΕΑ ΥΟΡΚΗ, 22. (Γαλλ. Πρ.). — Η πώλησις χριστουγεννιάτικων δένδρων εις τας Ηνωμένας Πολιτείας υπερβαίνει φέτος τα 50.000.000. Αι μεγαλύτεραι ποσότητες προέρχονται εκ Καναδά, ενώ αι τιμαί σημειώνουν αύξησιν.

Ο ΔΙΑΔΟΧΟΣ ΔΙΕΝΕΙΜΕ ΒΙΒΛΙΑΡΙΑ ΕΙΣ ΚΟΡΙΝΘΟΝ

ΚΟΡΙΝΘΟΣ, 22. (Του ανταποκριτού μας). — Ο Διάδοχος Κωνσταντίνος διένειμε βιβλιάρια καταθέσεων εις τα παιδιά των σεισμοπλήκτων.

Η ΠΡΙΓΚΗΠΙΣΣΑ ΕΙΡΗΝΗ ΕΙΣ ΠΑΡΑΜΕΘΟΡΙΑ ΧΩΡΙΑ

ΘΕΣΣΑΛΟΝΙΚΗ, 22. — Η Πριγκήπισσα Ειρήνη επεσκέφθη τα παραμεθόρια χωριά όπου διένειμε δώρα εις τους κατοίκους.

ΕΙΚΟΣΙΤΕΣΣΑΡΕΣ ΔΙΑΞΕΣΤΗΚΟΝ ΤΟΥΣ ΝΑΥΤΑΣ ΤΩΝ ΜΑΚΕΔΟΝΙΑΣ ΤΟΥ ΑΠΕΣΤΑΛΗ ΣΤΟ ΡΕΔΑ

ΝΟΡΦΟΛΚ, (Βιργινία), 22. (Γαλλ. Πρ.). — Είκοσι τέσσαρες ναύται διεσώθησαν από το ναυάγιον του φορτηγού πλοίου κατά την διάρκειαν σφοδράς θυέλλης εις τον Ατλαντικόν.

ΟΙ ΕΜΠΟΡΟΫΠΑΛΛΗΛΟΙ ΘΑ ΚΗΡΥΞΟΥΝ ΑΠΕΡΓΙΑΝ

Οι εμποροϋπάλληλοι των Αθηνών απεφάσισαν να κηρύξουν απεργίαν εάν δεν ικανοποιηθούν τα αιτήματά των.

ΔΕΚΑ ΟΚΤΩ ΝΕΚΡΟΙ ΔΙΑ ΤΗΝ ΚΑΡΑΙΝΗ ΣΥΜΠΛΟΚΗ ΤΡΑΓΙΚΟΣ ΕΙΣ ΑΦΡΙΚΗΝ

ΓΙΟΧΑΝΝΕΣΒΟΥΡΓΗ, 22. (Γαλλ. Πρ.). — Δέκα οκτώ νεκροί εσημειώθησαν κατά την διάρκειαν συμπλοκών μεταξύ φυλών εις την νότιον Αφρικήν.
